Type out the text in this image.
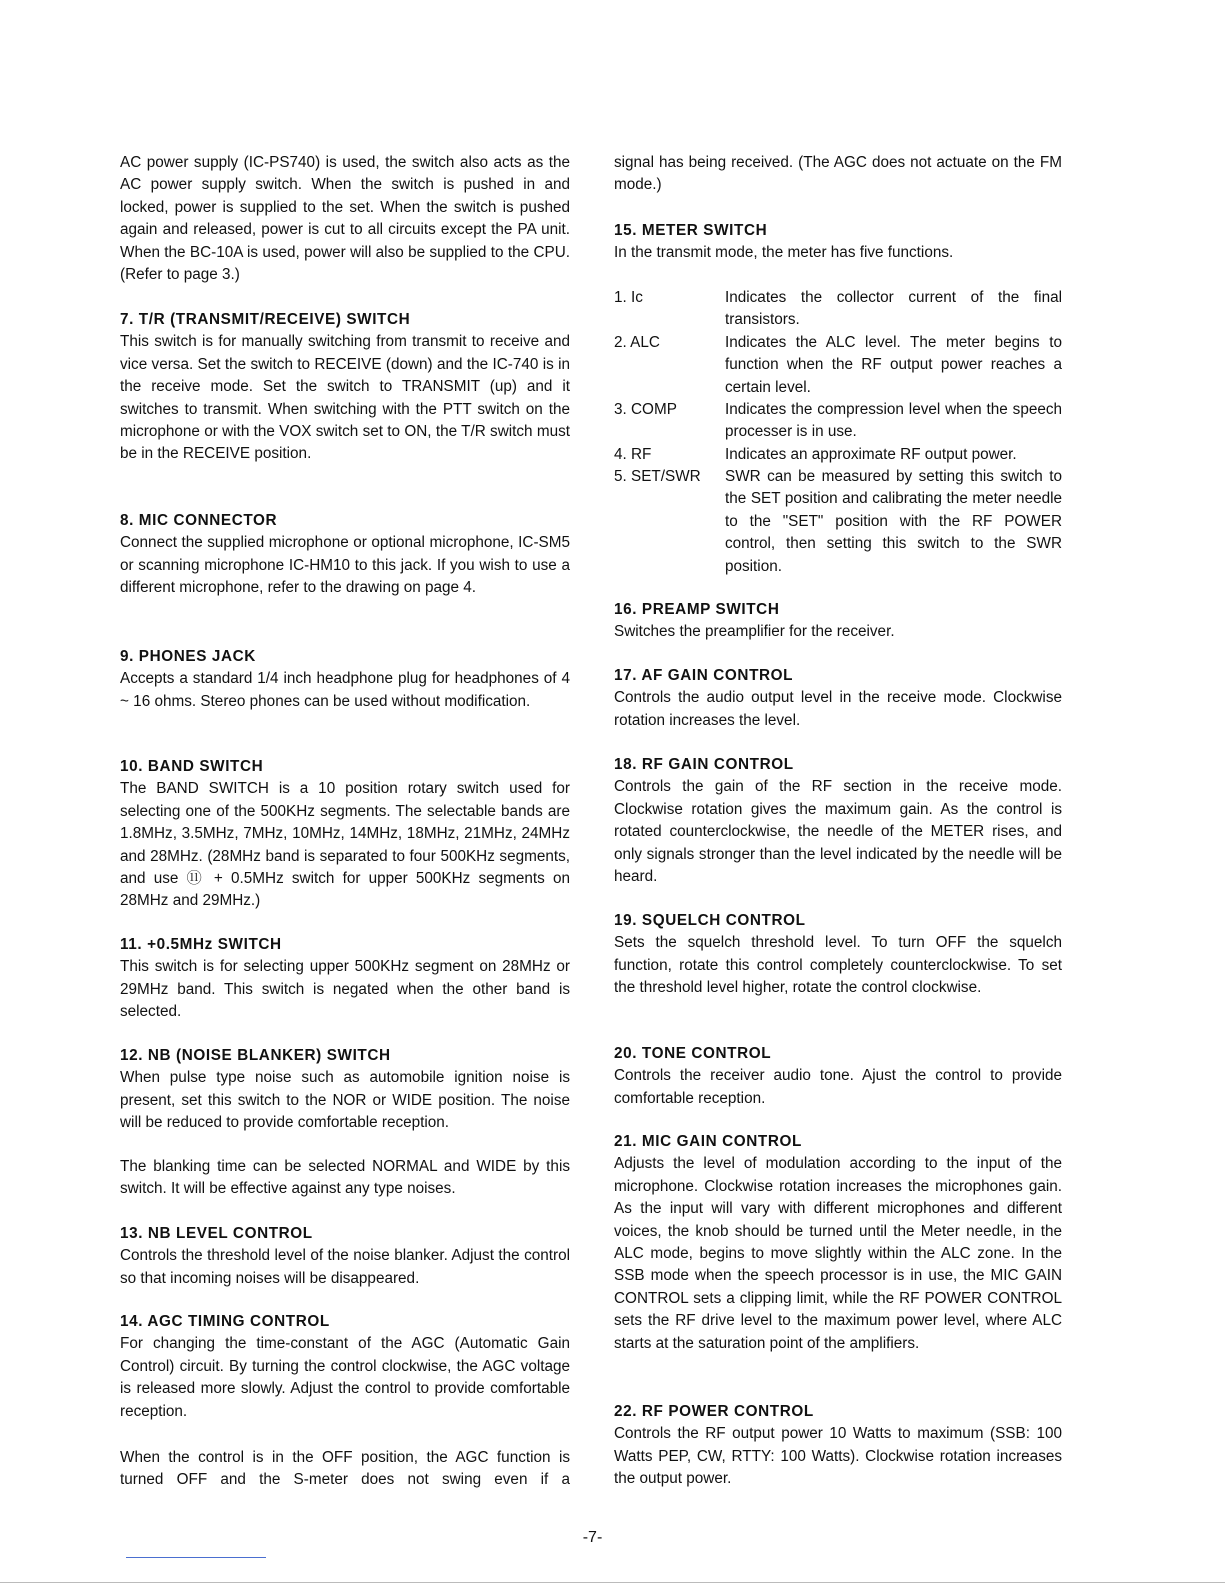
AC power supply (IC-PS740) is used, the switch also acts as the AC power supply switch. When the switch is pushed in and locked, power is supplied to the set. When the switch is pushed again and released, power is cut to all circuits except the PA unit. When the BC-10A is used, power will also be supplied to the CPU. (Refer to page 3.)

7. T/R (TRANSMIT/RECEIVE) SWITCH

This switch is for manually switching from transmit to receive and vice versa. Set the switch to RECEIVE (down) and the IC-740 is in the receive mode. Set the switch to TRANSMIT (up) and it switches to transmit. When switching with the PTT switch on the microphone or with the VOX switch set to ON, the T/R switch must be in the RECEIVE position.

8. MIC CONNECTOR

Connect the supplied microphone or optional microphone, IC-SM5 or scanning microphone IC-HM10 to this jack. If you wish to use a different microphone, refer to the drawing on page 4.

9. PHONES JACK

Accepts a standard 1/4 inch headphone plug for headphones of 4 ~ 16 ohms. Stereo phones can be used without modification.

10. BAND SWITCH

The BAND SWITCH is a 10 position rotary switch used for selecting one of the 500KHz segments. The selectable bands are 1.8MHz, 3.5MHz, 7MHz, 10MHz, 14MHz, 18MHz, 21MHz, 24MHz and 28MHz. (28MHz band is separated to four 500KHz segments, and use ⑪ + 0.5MHz switch for upper 500KHz segments on 28MHz and 29MHz.)

11. +0.5MHz SWITCH

This switch is for selecting upper 500KHz segment on 28MHz or 29MHz band. This switch is negated when the other band is selected.

12. NB (NOISE BLANKER) SWITCH

When pulse type noise such as automobile ignition noise is present, set this switch to the NOR or WIDE position. The noise will be reduced to provide comfortable reception.

The blanking time can be selected NORMAL and WIDE by this switch. It will be effective against any type noises.

13. NB LEVEL CONTROL

Controls the threshold level of the noise blanker. Adjust the control so that incoming noises will be disappeared.

14. AGC TIMING CONTROL

For changing the time-constant of the AGC (Automatic Gain Control) circuit. By turning the control clockwise, the AGC voltage is released more slowly. Adjust the control to provide comfortable reception.

When the control is in the OFF position, the AGC function is turned OFF and the S-meter does not swing even if a

signal has being received. (The AGC does not actuate on the FM mode.)

15. METER SWITCH

In the transmit mode, the meter has five functions.

1. Ic	Indicates the collector current of the final transistors.
2. ALC	Indicates the ALC level. The meter begins to function when the RF output power reaches a certain level.
3. COMP	Indicates the compression level when the speech processer is in use.
4. RF	Indicates an approximate RF output power.
5. SET/SWR	SWR can be measured by setting this switch to the SET position and calibrating the meter needle to the "SET" position with the RF POWER control, then setting this switch to the SWR position.
16. PREAMP SWITCH

Switches the preamplifier for the receiver.

17. AF GAIN CONTROL

Controls the audio output level in the receive mode. Clockwise rotation increases the level.

18. RF GAIN CONTROL

Controls the gain of the RF section in the receive mode. Clockwise rotation gives the maximum gain. As the control is rotated counterclockwise, the needle of the METER rises, and only signals stronger than the level indicated by the needle will be heard.

19. SQUELCH CONTROL

Sets the squelch threshold level. To turn OFF the squelch function, rotate this control completely counterclockwise. To set the threshold level higher, rotate the control clockwise.

20. TONE CONTROL

Controls the receiver audio tone. Ajust the control to provide comfortable reception.

21. MIC GAIN CONTROL

Adjusts the level of modulation according to the input of the microphone. Clockwise rotation increases the microphones gain. As the input will vary with different microphones and different voices, the knob should be turned until the Meter needle, in the ALC mode, begins to move slightly within the ALC zone. In the SSB mode when the speech processor is in use, the MIC GAIN CONTROL sets a clipping limit, while the RF POWER CONTROL sets the RF drive level to the maximum power level, where ALC starts at the saturation point of the amplifiers.

22. RF POWER CONTROL

Controls the RF output power 10 Watts to maximum (SSB: 100 Watts PEP, CW, RTTY: 100 Watts). Clockwise rotation increases the output power.

-7-
